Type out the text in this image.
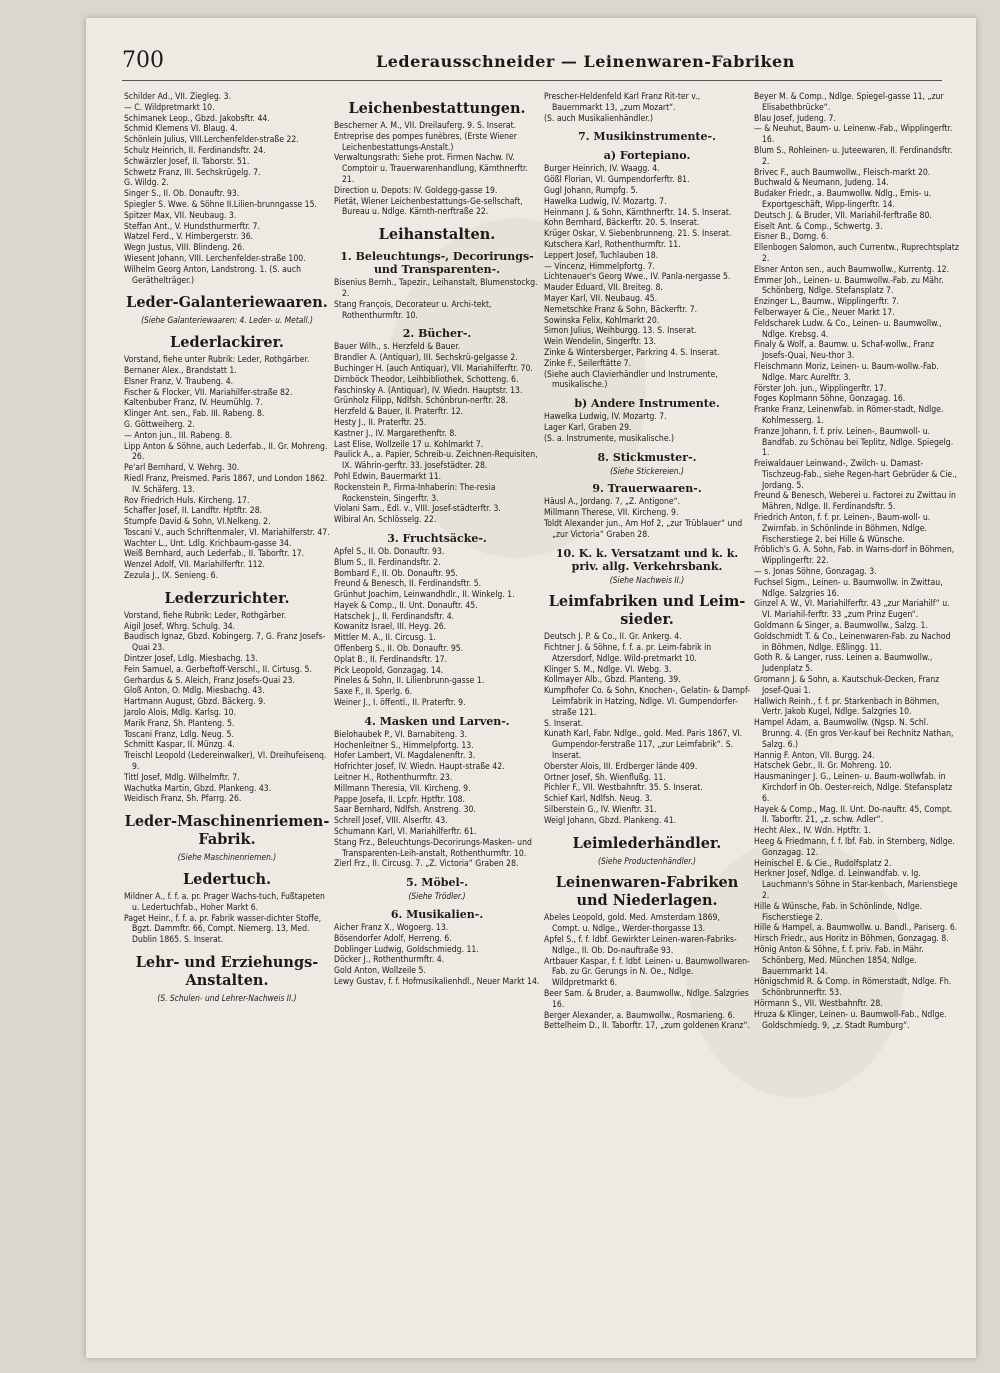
700	Lederausschneider — Leinenwaren-Fabriken
Schilder Ad., VII. Ziegleg. 3.
— C. Wildpretmarkt 10.
Schimanek Leop., Gbzd. Jakobsftr. 44.
Schmid Klemens VI. Blaug. 4.
Schönlein Julius, VIII.Lerchenfelder-straße 22.
Schulz Heinrich, II. Ferdinandsftr. 24.
Schwärzler Josef, II. Taborstr. 51.
Schwetz Franz, III. Sechskrügelg. 7.
G. Wildg. 2.
Singer S., II. Ob. Donauftr. 93.
Spiegler S. Wwe. & Söhne II.Lilien-brunngasse 15.
Spitzer Max, VII. Neubaug. 3.
Steffan Ant., V. Hundsthurmerftr. 7.
Watzel Ferd., V. Himbergerstr. 36.
Wegn Justus, VIII. Blindeng. 26.
Wiesent Johann, VIII. Lerchenfelder-straße 100.
Wilhelm Georg Anton, Landstrong. 1. (S. auch Geräthelträger.)
Leder-Galanteriewaaren.
(Siehe Galanteriewaaren: 4. Leder- u. Metall.)
Lederlackirer.
Vorstand, fiehe unter Rubrik: Leder, Rothgärber.
Bernaner Alex., Brandstatt 1.
Elsner Franz, V. Traubeng. 4.
Fischer & Flocker, VII. Mariahilfer-straße 82.
Kaltenbuber Franz, IV. Heumühlg. 7.
Klinger Ant. sen., Fab. III. Rabeng. 8.
G. Göttweiherg. 2.
— Anton jun., III. Rabeng. 8.
Lipp Anton & Söhne, auch Lederfab., II. Gr. Mohreng. 26.
Pe'arl Bernhard, V. Wehrg. 30.
Riedl Franz, Preismed. Paris 1867, und London 1862. IV. Schäferg. 13.
Rov Friedrich Huls. Kircheng. 17.
Schaffer Josef, II. Landftr. Hptftr. 28.
Stumpfe David & Sohn, VI.Nelkeng. 2.
Toscani V., auch Schriftenmaler, VI. Mariahilferstr. 47.
Wachter L., Unt. Ldlg. Krichbaum-gasse 34.
Weiß Bernhard, auch Lederfab., II. Taborftr. 17.
Wenzel Adolf, VII. Mariahilferftr. 112.
Zezula J., IX. Senieng. 6.
Lederzurichter.
Vorstand, fiehe Rubrik: Leder, Rothgärber.
Aigil Josef, Whrg. Schulg. 34.
Baudisch Ignaz, Gbzd. Kobingerg. 7, G. Franz Josefs-Quai 23.
Dintzer Josef, Ldlg. Miesbachg. 13.
Fein Samuel, a. Gerbeftoff-Verschl., II. Cirtusg. 5.
Gerhardus & S. Aleich, Franz Josefs-Quai 23.
Gloß Anton, O. Mdlg. Miesbachg. 43.
Hartmann August, Gbzd. Bäckerg. 9.
Jarolo Alois, Mdlg. Karlsg. 10.
Marik Franz, Sh. Planteng. 5.
Toscani Franz, Ldlg. Neug. 5.
Schmitt Kaspar, II. Münzg. 4.
Treischl Leopold (Ledereinwalker), VI. Dreihufeisenq. 9.
Tittl Josef, Mdlg. Wilhelmftr. 7.
Wachutka Martin, Gbzd. Plankeng. 43.
Weidisch Franz, Sh. Pfarrg. 26.
Leder-Maschinenriemen-Fabrik.
(Siehe Maschinenriemen.)
Ledertuch.
Mildner A., f. f. a. pr. Prager Wachs-tuch, Fußtapeten u. Ledertuchfab., Hoher Markt 6.
Paget Heinr., f. f. a. pr. Fabrik wasser-dichter Stoffe, Bgzt. Dammftr. 66, Compt. Niemerg. 13, Med. Dublin 1865. S. Inserat.
Lehr- und Erziehungs-Anstalten.
(S. Schulen- und Lehrer-Nachweis II.)
Leichenbestattungen.
Bescherner A. M., VII. Dreilauferg. 9. S. Inserat.
Entreprise des pompes funèbres, (Erste Wiener Leichenbestattungs-Anstalt.)
Verwaltungsrath: Siehe prot. Firmen Nachw. IV. Comptoir u. Trauerwarenhandlung, Kärnthnerftr. 21.
Direction u. Depots: IV. Goldegg-gasse 19.
Pietät, Wiener Leichenbestattungs-Ge-sellschaft, Bureau u. Ndlge. Kärnth-nerftraße 22.
Leihanstalten.
1. Beleuchtungs-, Decorirungs- und Transparenten-.
Bisenius Bernh., Tapezir., Leihanstalt, Blumenstockg. 2.
Stang François, Decorateur u. Archi-tekt, Rothenthurmftr. 10.
2. Bücher-.
Bauer Wilh., s. Herzfeld & Bauer.
Brandler A. (Antiquar), III. Sechskrü-gelgasse 2.
Buchinger H. (auch Antiquar), VII. Mariahilferftr. 70.
Dirnböck Theodor, Leihbibliothek, Schotteng. 6.
Faschinsky A. (Antiquar), IV. Wiedn. Hauptstr. 13.
Grünholz Filipp, Ndlfsh. Schönbrun-nerftr. 28.
Herzfeld & Bauer, II. Praterftr. 12.
Hesty J., II. Praterftr. 25.
Kastner J., IV. Margarethenftr. 8.
Last Elise, Wollzeile 17 u. Kohlmarkt 7.
Paulick A., a. Papier, Schreib-u. Zeichnen-Requisiten, IX. Währin-gerftr. 33. Josefstädter. 28.
Pohl Edwin, Bauermarkt 11.
Rockenstein P., Firma-Inhaberin: The-resia Rockenstein, Singerftr. 3.
Violani Sam., Edl. v., VIII. Josef-städterftr. 3.
Wibiral An. Schlösselg. 22.
3. Fruchtsäcke-.
Apfel S., II. Ob. Donauftr. 93.
Blum S., II. Ferdinandsftr. 2.
Bombard F., II. Ob. Donauftr. 95.
Freund & Benesch, II. Ferdinandsftr. 5.
Grünhut Joachim, Leinwandhdlr., II. Winkelg. 1.
Hayek & Comp., II. Unt. Donauftr. 45.
Hatschek J., II. Ferdinandsftr. 4.
Kowanitz Israel, III. Heyg. 26.
Mittler M. A., II. Circusg. 1.
Offenberg S., II. Ob. Donauftr. 95.
Oplat B., II. Ferdinandsftr. 17.
Pick Leopold, Gonzagag. 14.
Pineles & Sohn, II. Lilienbrunn-gasse 1.
Saxe F., II. Sperlg. 6.
Weiner J., I. öffentl., II. Praterftr. 9.
4. Masken und Larven-.
Bielohaubek P., VI. Barnabiteng. 3.
Hochenleitner S., Himmelpfortg. 13.
Hofer Lambert, VI. Magdalenenftr. 3.
Hofrichter Josef, IV. Wiedn. Haupt-straße 42.
Leitner H., Rothenthurmftr. 23.
Millmann Theresia, VII. Kircheng. 9.
Pappe Josefa, II. Lcpfr. Hptftr. 108.
Saar Bernhard, Ndlfsh. Anstreng. 30.
Schrell Josef, VIII. Alserftr. 43.
Schumann Karl, VI. Mariahilferftr. 61.
Stang Frz., Beleuchtungs-Decorirungs-Masken- und Transparenten-Leih-anstalt, Rothenthurmftr. 10.
Zierl Frz., II. Circusg. 7. „Z. Victoria“ Graben 28.
5. Möbel-.
(Siehe Trödler.)
6. Musikalien-.
Aicher Franz X., Wogoerg. 13.
Bösendorfer Adolf, Herreng. 6.
Doblinger Ludwig, Goldschmiedg. 11.
Döcker J., Rothenthurmftr. 4.
Gold Anton, Wollzeile 5.
Lewy Gustav, f. f. Hofmusikalienhdl., Neuer Markt 14.
Prescher-Heldenfeld Karl Franz Rit-ter v., Bauernmarkt 13, „zum Mozart“.
(S. auch Musikalienhändler.)
7. Musikinstrumente-.
a) Fortepiano.
Burger Heinrich, IV. Waagg. 4.
Gößl Florian, VI. Gumpendorferftr. 81.
Gugl Johann, Rumpfg. 5.
Hawelka Ludwig, IV. Mozartg. 7.
Heinmann J. & Sohn, Kärnthnerftr. 14. S. Inserat.
Kohn Bernhard, Bäckerftr. 20. S. Inserat.
Krüger Oskar, V. Siebenbrunneng. 21. S. Inserat.
Kutschera Karl, Rothenthurmftr. 11.
Leppert Josef, Tuchlauben 18.
— Vincenz, Himmelpfortg. 7.
Lichtenauer's Georg Wwe., IV. Panla-nergasse 5.
Mauder Eduard, VII. Breiteg. 8.
Mayer Karl, VII. Neubaug. 45.
Nemetschke Franz & Sohn, Bäckerftr. 7.
Sowinska Felix, Kohlmarkt 20.
Simon Julius, Weihburgg. 13. S. Inserat.
Wein Wendelin, Singerftr. 13.
Zinke & Wintersberger, Parkring 4. S. Inserat.
Zinke F., Seilerftätte 7.
(Siehe auch Clavierhändler und Instrumente, musikalische.)
b) Andere Instrumente.
Hawelka Ludwig, IV. Mozartg. 7.
Lager Karl, Graben 29.
(S. a. Instrumente, musikalische.)
8. Stickmuster-.
(Siehe Stickereien.)
9. Trauerwaaren-.
Häusl A., Jordang. 7, „Z. Antigone“.
Millmann Therese, VII. Kircheng. 9.
Toldt Alexander jun., Am Hof 2, „zur Trüblauer“ und „zur Victoria“ Graben 28.
10. K. k. Versatzamt und k. k. priv. allg. Verkehrsbank.
(Siehe Nachweis II.)
Leimfabriken und Leim-sieder.
Deutsch J. P. & Co., II. Gr. Ankerg. 4.
Fichtner J. & Söhne, f. f. a. pr. Leim-fabrik in Atzersdorf, Ndlge. Wild-pretmarkt 10.
Klinger S. M., Ndlge. VI. Webg. 3.
Kollmayer Alb., Gbzd. Planteng. 39.
Kumpfhofer Co. & Sohn, Knochen-, Gelatin- & Dampf-Leimfabrik in Hatzing, Ndlge. VI. Gumpendorfer-straße 121.
S. Inserat.
Kunath Karl, Fabr. Ndlge., gold. Med. Paris 1867, VI. Gumpendor-ferstraße 117, „zur Leimfabrik“. S. Inserat.
Oberster Alois, III. Erdberger lände 409.
Ortner Josef, Sh. Wienflußg. 11.
Pichler F., VII. Westbahnftr. 35. S. Inserat.
Schief Karl, Ndlfsh. Neug. 3.
Silberstein G., IV. Wienftr. 31.
Weigl Johann, Gbzd. Plankeng. 41.
Leimlederhändler.
(Siehe Productenhändler.)
Leinenwaren-Fabriken und Niederlagen.
Abeles Leopold, gold. Med. Amsterdam 1869, Compt. u. Ndlge., Werder-thorgasse 13.
Apfel S., f. f. ldbf. Gewirkter Leinen-waren-Fabriks-Ndlge., II. Ob. Do-nauftraße 93.
Artbauer Kaspar, f. f. ldbf. Leinen- u. Baumwollwaren-Fab. zu Gr. Gerungs in N. Oe., Ndlge. Wildpretmarkt 6.
Beer Sam. & Bruder, a. Baumwollw., Ndlge. Salzgries 16.
Berger Alexander, a. Baumwollw., Rosmarieng. 6.
Bettelheim D., II. Taborftr. 17, „zum goldenen Kranz“.
Beyer M. & Comp., Ndlge. Spiegel-gasse 11, „zur Elisabethbrücke“.
Blau Josef, Judeng. 7.
— & Neuhut, Baum- u. Leinenw.-Fab., Wipplingerftr. 16.
Blum S., Rohleinen- u. Juteewaren, II. Ferdinandsftr. 2.
Brivec F., auch Baumwollw., Fleisch-markt 20.
Buchwald & Neumann, Judeng. 14.
Budaker Friedr., a. Baumwollw. Ndlg., Emis- u. Exportgeschäft, Wipp-lingerftr. 14.
Deutsch J. & Bruder, VII. Mariahil-ferftraße 80.
Eiselt Ant. & Comp., Schwertg. 3.
Eisner B., Domg. 6.
Ellenbogen Salomon, auch Currentw., Ruprechtsplatz 2.
Elsner Anton sen., auch Baumwollw., Kurrentg. 12.
Emmer Joh., Leinen- u. Baumwollw.-Fab. zu Mähr. Schönberg, Ndlge. Stefansplatz 7.
Enzinger L., Baumw., Wipplingerftr. 7.
Felberwayer & Cie., Neuer Markt 17.
Feldscharek Ludw. & Co., Leinen- u. Baumwollw., Ndlge. Krebsg. 4.
Finaly & Wolf, a. Baumw. u. Schaf-wollw., Franz Josefs-Quai, Neu-thor 3.
Fleischmann Moriz, Leinen- u. Baum-wollw.-Fab. Ndlge. Marc Aurelftr. 3.
Förster Joh. jun., Wipplingerftr. 17.
Foges Koplmann Söhne, Gonzagag. 16.
Franke Franz, Leinenwfab. in Römer-stadt, Ndlge. Kohlmesserg. 1.
Franze Johann, f. f. priv. Leinen-, Baumwoll- u. Bandfab. zu Schönau bei Teplitz, Ndlge. Spiegelg. 1.
Freiwaldauer Leinwand-, Zwilch- u. Damast-Tischzeug-Fab., siehe Regen-hart Gebrüder & Cie., Jordang. 5.
Freund & Benesch, Weberei u. Factorei zu Zwittau in Mähren, Ndlge. II. Ferdinandsftr. 5.
Friedrich Anton, f. f. pr. Leinen-, Baum-woll- u. Zwirnfab. in Schönlinde in Böhmen, Ndlge. Fischerstiege 2, bei Hille & Wünsche.
Fröblich's G. A. Sohn, Fab. in Warns-dorf in Böhmen, Wipplingerftr. 22.
— s. Jonas Söhne, Gonzagag. 3.
Fuchsel Sigm., Leinen- u. Baumwollw. in Zwittau, Ndlge. Salzgries 16.
Ginzel A. W., VI. Mariahilferftr. 43 „zur Mariahilf“ u. VI. Mariahil-ferftr. 33 „zum Prinz Eugen“.
Goldmann & Singer, a. Baumwollw., Salzg. 1.
Goldschmidt T. & Co., Leinenwaren-Fab. zu Nachod in Böhmen, Ndlge. Eßlingg. 11.
Goth R. & Langer, russ. Leinen a. Baumwollw., Judenplatz 5.
Gromann J. & Sohn, a. Kautschuk-Decken, Franz Josef-Quai 1.
Hallwich Reinh., f. f. pr. Starkenbach in Böhmen, Vertr. Jakob Kugel, Ndlge. Salzgries 10.
Hampel Adam, a. Baumwollw. (Ngsp. N. Schl. Brunng. 4. (En gros Ver-kauf bei Rechnitz Nathan, Salzg. 6.)
Hannig F. Anton, VII. Burgg. 24.
Hatschek Gebr., II. Gr. Mohreng. 10.
Hausmaninger J. G., Leinen- u. Baum-wollwfab. in Kirchdorf in Ob. Oester-reich, Ndlge. Stefansplatz 6.
Hayek & Comp., Mag. II. Unt. Do-nauftr. 45, Compt. II. Taborftr. 21, „z. schw. Adler“.
Hecht Alex., IV. Wdn. Hptftr. 1.
Heeg & Friedmann, f. f. lbf. Fab. in Sternberg, Ndlge. Gonzagag. 12.
Heinischel E. & Cie., Rudolfsplatz 2.
Herkner Josef, Ndlge. d. Leinwandfab. v. Ig. Lauchmann's Söhne in Star-kenbach, Marienstiege 2.
Hille & Wünsche, Fab. in Schönlinde, Ndlge. Fischerstiege 2.
Hille & Hampel, a. Baumwollw. u. Bandl., Pariserg. 6.
Hirsch Friedr., aus Horitz in Böhmen, Gonzagag. 8.
Hönig Anton & Söhne, f. f. priv. Fab. in Mähr. Schönberg, Med. München 1854, Ndlge. Bauernmarkt 14.
Hönigschmid R. & Comp. in Römerstadt, Ndlge. Fh. Schönbrunnerftr. 53.
Hörmann S., VII. Westbahnftr. 28.
Hruza & Klinger, Leinen- u. Baumwoll-Fab., Ndlge. Goldschmiedg. 9, „z. Stadt Rumburg“.
